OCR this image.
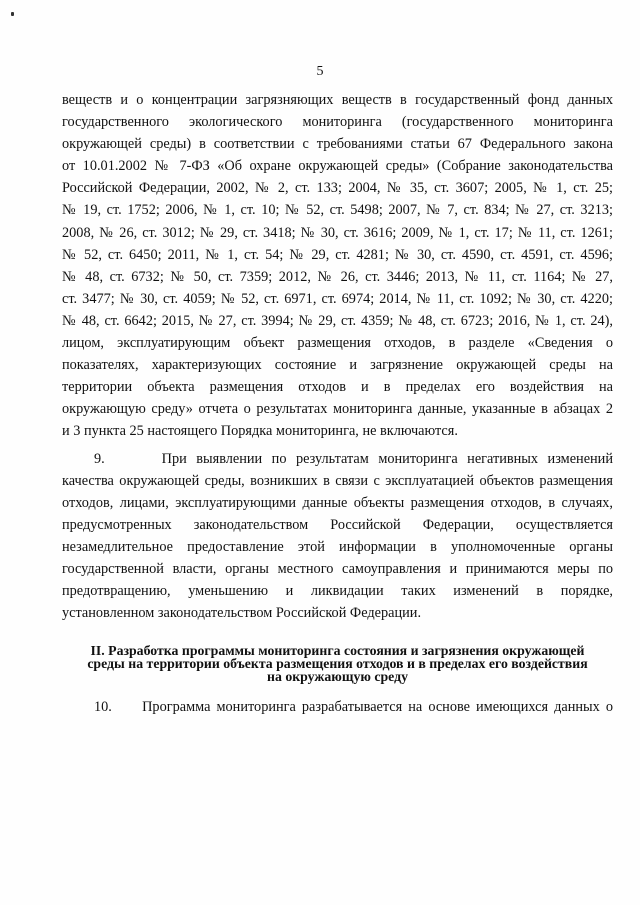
5
веществ и о концентрации загрязняющих веществ в государственный фонд данных
государственного экологического мониторинга (государственного мониторинга
окружающей среды) в соответствии с требованиями статьи 67 Федерального закона
от 10.01.2002 № 7-ФЗ «Об охране окружающей среды» (Собрание законодательства
Российской Федерации, 2002, № 2, ст. 133; 2004, № 35, ст. 3607; 2005, № 1, ст. 25;
№ 19, ст. 1752; 2006, № 1, ст. 10; № 52, ст. 5498; 2007, № 7, ст. 834; № 27, ст. 3213;
2008, № 26, ст. 3012; № 29, ст. 3418; № 30, ст. 3616; 2009, № 1, ст. 17; № 11, ст. 1261;
№ 52, ст. 6450; 2011, № 1, ст. 54; № 29, ст. 4281; № 30, ст. 4590, ст. 4591, ст. 4596;
№ 48, ст. 6732; № 50, ст. 7359; 2012, № 26, ст. 3446; 2013, № 11, ст. 1164; № 27,
ст. 3477; № 30, ст. 4059; № 52, ст. 6971, ст. 6974; 2014, № 11, ст. 1092; № 30, ст. 4220;
№ 48, ст. 6642; 2015, № 27, ст. 3994; № 29, ст. 4359; № 48, ст. 6723; 2016, № 1, ст. 24),
лицом, эксплуатирующим объект размещения отходов, в разделе «Сведения о
показателях, характеризующих состояние и загрязнение окружающей среды на
территории объекта размещения отходов и в пределах его воздействия на
окружающую среду» отчета о результатах мониторинга данные, указанные в абзацах 2
и 3 пункта 25 настоящего Порядка мониторинга, не включаются.
9.      При выявлении по результатам мониторинга негативных изменений
качества окружающей среды, возникших в связи с эксплуатацией объектов размещения
отходов, лицами, эксплуатирующими данные объекты размещения отходов, в случаях,
предусмотренных законодательством Российской Федерации, осуществляется
незамедлительное предоставление этой информации в уполномоченные органы
государственной власти, органы местного самоуправления и принимаются меры по
предотвращению, уменьшению и ликвидации таких изменений в порядке,
установленном законодательством Российской Федерации.
II. Разработка программы мониторинга состояния и загрязнения окружающей
среды на территории объекта размещения отходов и в пределах его воздействия
на окружающую среду
10.     Программа мониторинга разрабатывается на основе имеющихся данных о
